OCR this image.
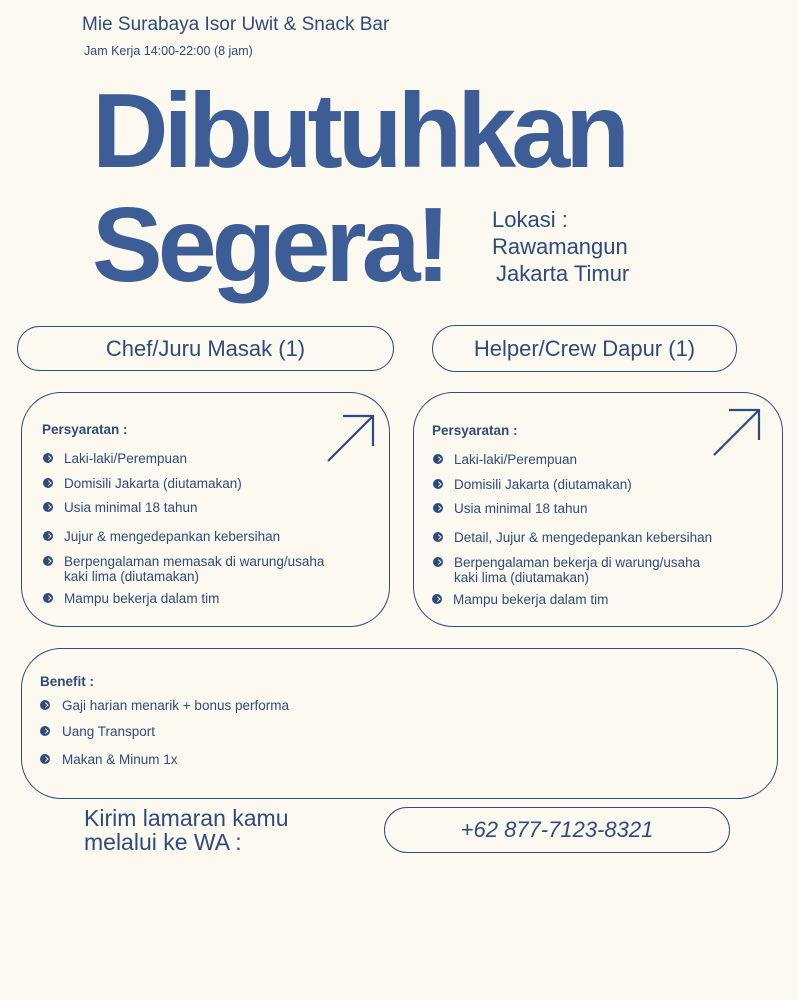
Mie Surabaya Isor Uwit & Snack Bar
Jam Kerja 14:00-22:00 (8 jam)
Dibutuhkan
Segera! Lokasi :
Rawamangun
Jakarta Timur
Chef/Juru Masak (1)	Helper/Crew Dapur (1)
Persyaratan :
Laki-laki/Perempuan
Domisili Jakarta (diutamakan)
Usia minimal 18 tahun
Jujur & mengedepankan kebersihan
Berpengalaman memasak di warung/usaha
kaki lima (diutamakan)
Mampu bekerja dalam tim
Persyaratan :
Laki-laki/Perempuan
Domisili Jakarta (diutamakan)
Usia minimal 18 tahun
Detail, Jujur & mengedepankan kebersihan
Berpengalaman bekerja di warung/usaha
kaki lima (diutamakan)
Mampu bekerja dalam tim
Benefit :
Gaji harian menarik + bonus performa
Uang Transport
Makan & Minum 1x
Kirim lamaran kamu
melalui ke WA :	+62 877-7123-8321
